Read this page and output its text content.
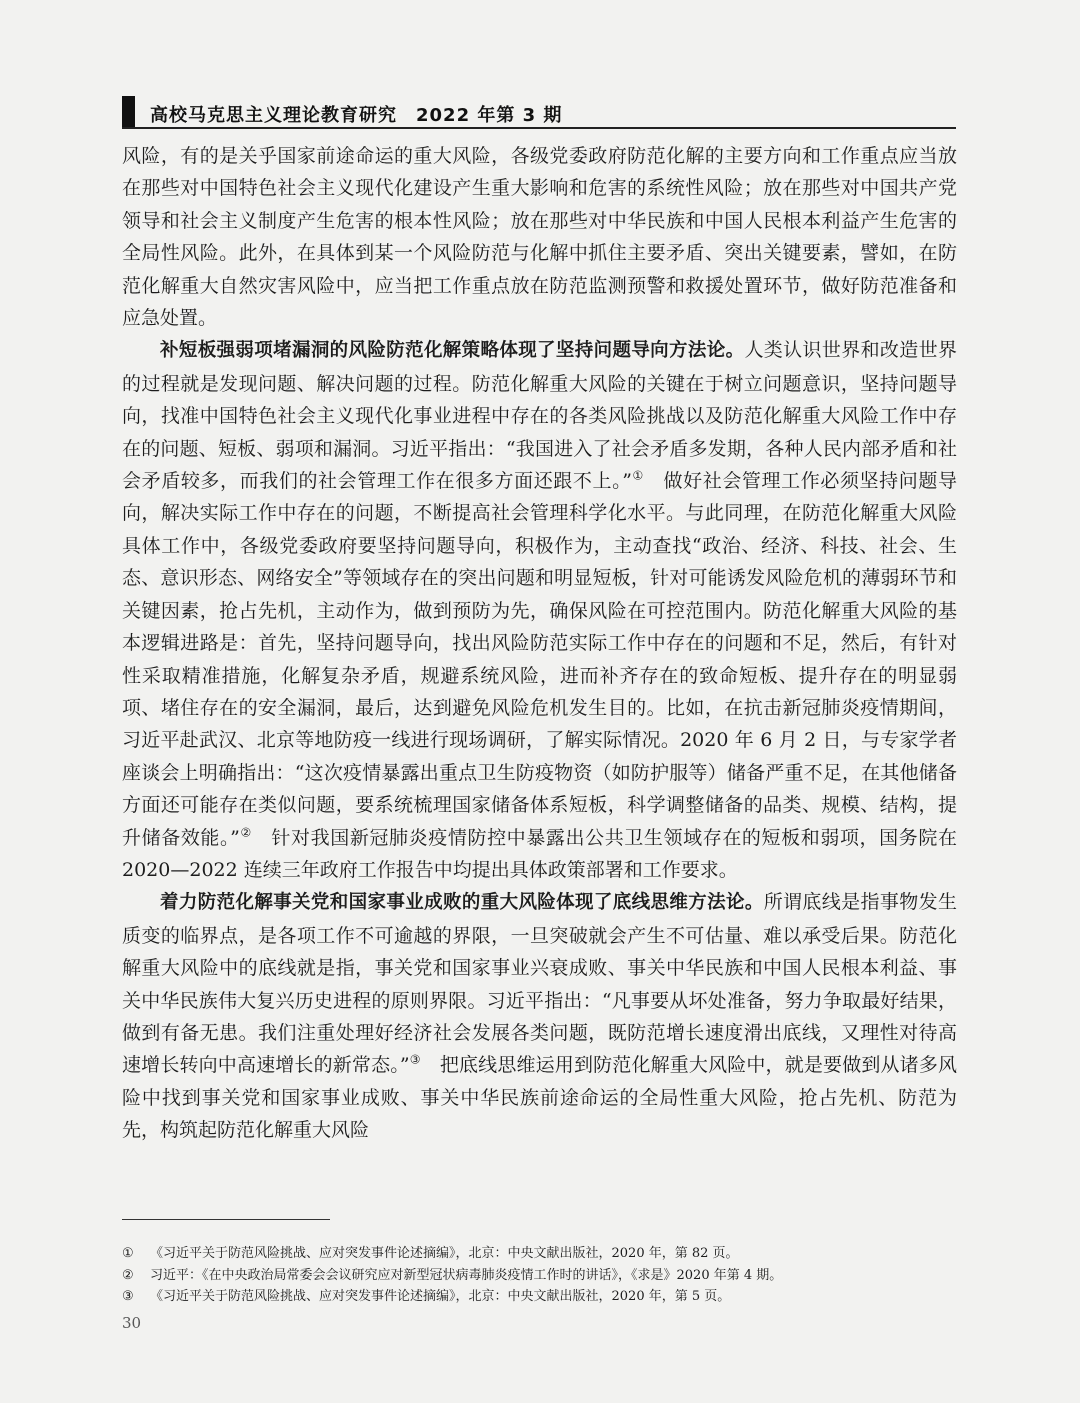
高校马克思主义理论教育研究　2022 年第 3 期

风险，有的是关乎国家前途命运的重大风险，各级党委政府防范化解的主要方向和工作重点应当放在那些对中国特色社会主义现代化建设产生重大影响和危害的系统性风险；放在那些对中国共产党领导和社会主义制度产生危害的根本性风险；放在那些对中华民族和中国人民根本利益产生危害的全局性风险。此外，在具体到某一个风险防范与化解中抓住主要矛盾、突出关键要素，譬如，在防范化解重大自然灾害风险中，应当把工作重点放在防范监测预警和救援处置环节，做好防范准备和应急处置。

补短板强弱项堵漏洞的风险防范化解策略体现了坚持问题导向方法论。人类认识世界和改造世界的过程就是发现问题、解决问题的过程。防范化解重大风险的关键在于树立问题意识，坚持问题导向，找准中国特色社会主义现代化事业进程中存在的各类风险挑战以及防范化解重大风险工作中存在的问题、短板、弱项和漏洞。习近平指出：“我国进入了社会矛盾多发期，各种人民内部矛盾和社会矛盾较多，而我们的社会管理工作在很多方面还跟不上。”①　做好社会管理工作必须坚持问题导向，解决实际工作中存在的问题，不断提高社会管理科学化水平。与此同理，在防范化解重大风险具体工作中，各级党委政府要坚持问题导向，积极作为，主动查找“政治、经济、科技、社会、生态、意识形态、网络安全”等领域存在的突出问题和明显短板，针对可能诱发风险危机的薄弱环节和关键因素，抢占先机，主动作为，做到预防为先，确保风险在可控范围内。防范化解重大风险的基本逻辑进路是：首先，坚持问题导向，找出风险防范实际工作中存在的问题和不足，然后，有针对性采取精准措施，化解复杂矛盾，规避系统风险，进而补齐存在的致命短板、提升存在的明显弱项、堵住存在的安全漏洞，最后，达到避免风险危机发生目的。比如，在抗击新冠肺炎疫情期间，习近平赴武汉、北京等地防疫一线进行现场调研，了解实际情况。2020 年 6 月 2 日，与专家学者座谈会上明确指出：“这次疫情暴露出重点卫生防疫物资（如防护服等）储备严重不足，在其他储备方面还可能存在类似问题，要系统梳理国家储备体系短板，科学调整储备的品类、规模、结构，提升储备效能。”②　针对我国新冠肺炎疫情防控中暴露出公共卫生领域存在的短板和弱项，国务院在 2020—2022 连续三年政府工作报告中均提出具体政策部署和工作要求。

着力防范化解事关党和国家事业成败的重大风险体现了底线思维方法论。所谓底线是指事物发生质变的临界点，是各项工作不可逾越的界限，一旦突破就会产生不可估量、难以承受后果。防范化解重大风险中的底线就是指，事关党和国家事业兴衰成败、事关中华民族和中国人民根本利益、事关中华民族伟大复兴历史进程的原则界限。习近平指出：“凡事要从坏处准备，努力争取最好结果，做到有备无患。我们注重处理好经济社会发展各类问题，既防范增长速度滑出底线，又理性对待高速增长转向中高速增长的新常态。”③　把底线思维运用到防范化解重大风险中，就是要做到从诸多风险中找到事关党和国家事业成败、事关中华民族前途命运的全局性重大风险，抢占先机、防范为先，构筑起防范化解重大风险

① 《习近平关于防范风险挑战、应对突发事件论述摘编》，北京：中央文献出版社，2020 年，第 82 页。
② 习近平：《在中央政治局常委会会议研究应对新型冠状病毒肺炎疫情工作时的讲话》，《求是》2020 年第 4 期。
③ 《习近平关于防范风险挑战、应对突发事件论述摘编》，北京：中央文献出版社，2020 年，第 5 页。
30
